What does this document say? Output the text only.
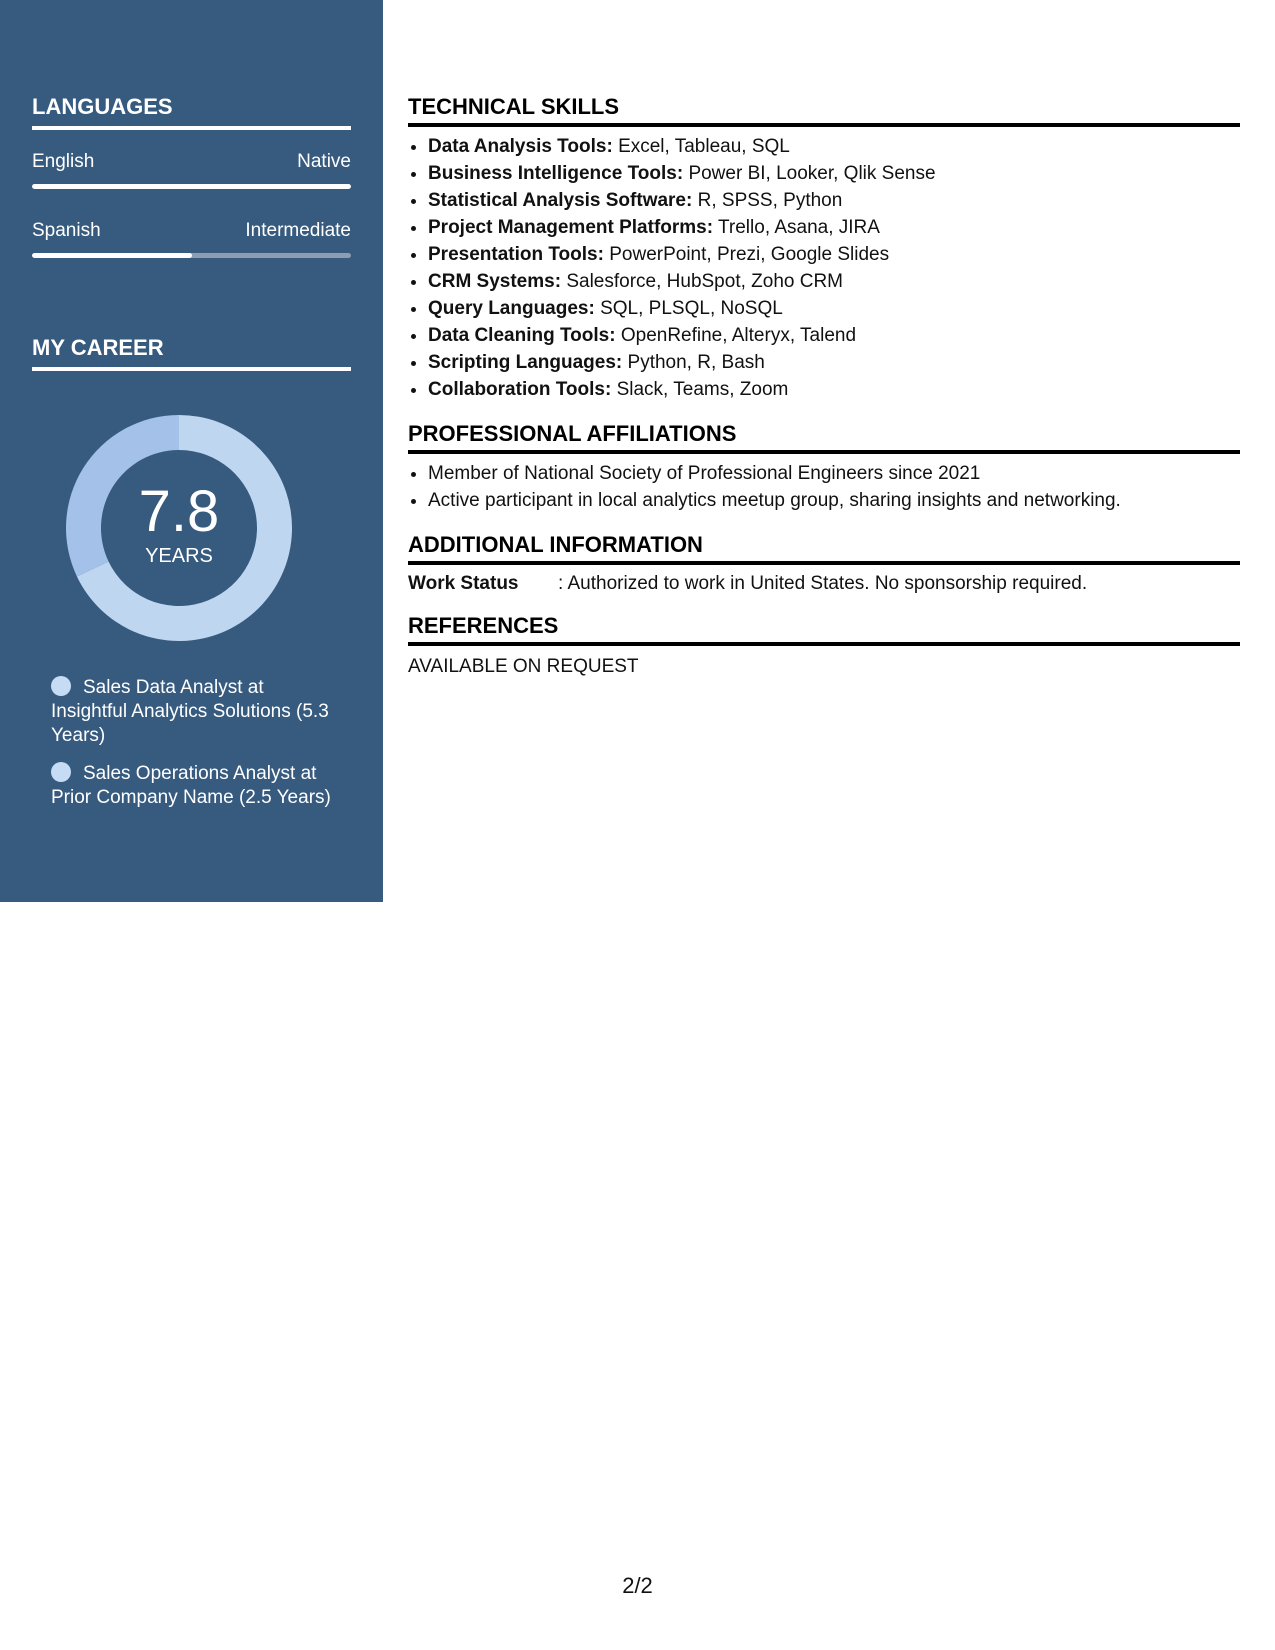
LANGUAGES
English	Native
Spanish	Intermediate
MY CAREER
7.8
YEARS
Sales Data Analyst at Insightful Analytics Solutions (5.3 Years)
Sales Operations Analyst at Prior Company Name (2.5 Years)
TECHNICAL SKILLS
• Data Analysis Tools: Excel, Tableau, SQL
• Business Intelligence Tools: Power BI, Looker, Qlik Sense
• Statistical Analysis Software: R, SPSS, Python
• Project Management Platforms: Trello, Asana, JIRA
• Presentation Tools: PowerPoint, Prezi, Google Slides
• CRM Systems: Salesforce, HubSpot, Zoho CRM
• Query Languages: SQL, PLSQL, NoSQL
• Data Cleaning Tools: OpenRefine, Alteryx, Talend
• Scripting Languages: Python, R, Bash
• Collaboration Tools: Slack, Teams, Zoom
PROFESSIONAL AFFILIATIONS
• Member of National Society of Professional Engineers since 2021
• Active participant in local analytics meetup group, sharing insights and networking.
ADDITIONAL INFORMATION
Work Status	: Authorized to work in United States. No sponsorship required.
REFERENCES

AVAILABLE ON REQUEST

2/2
